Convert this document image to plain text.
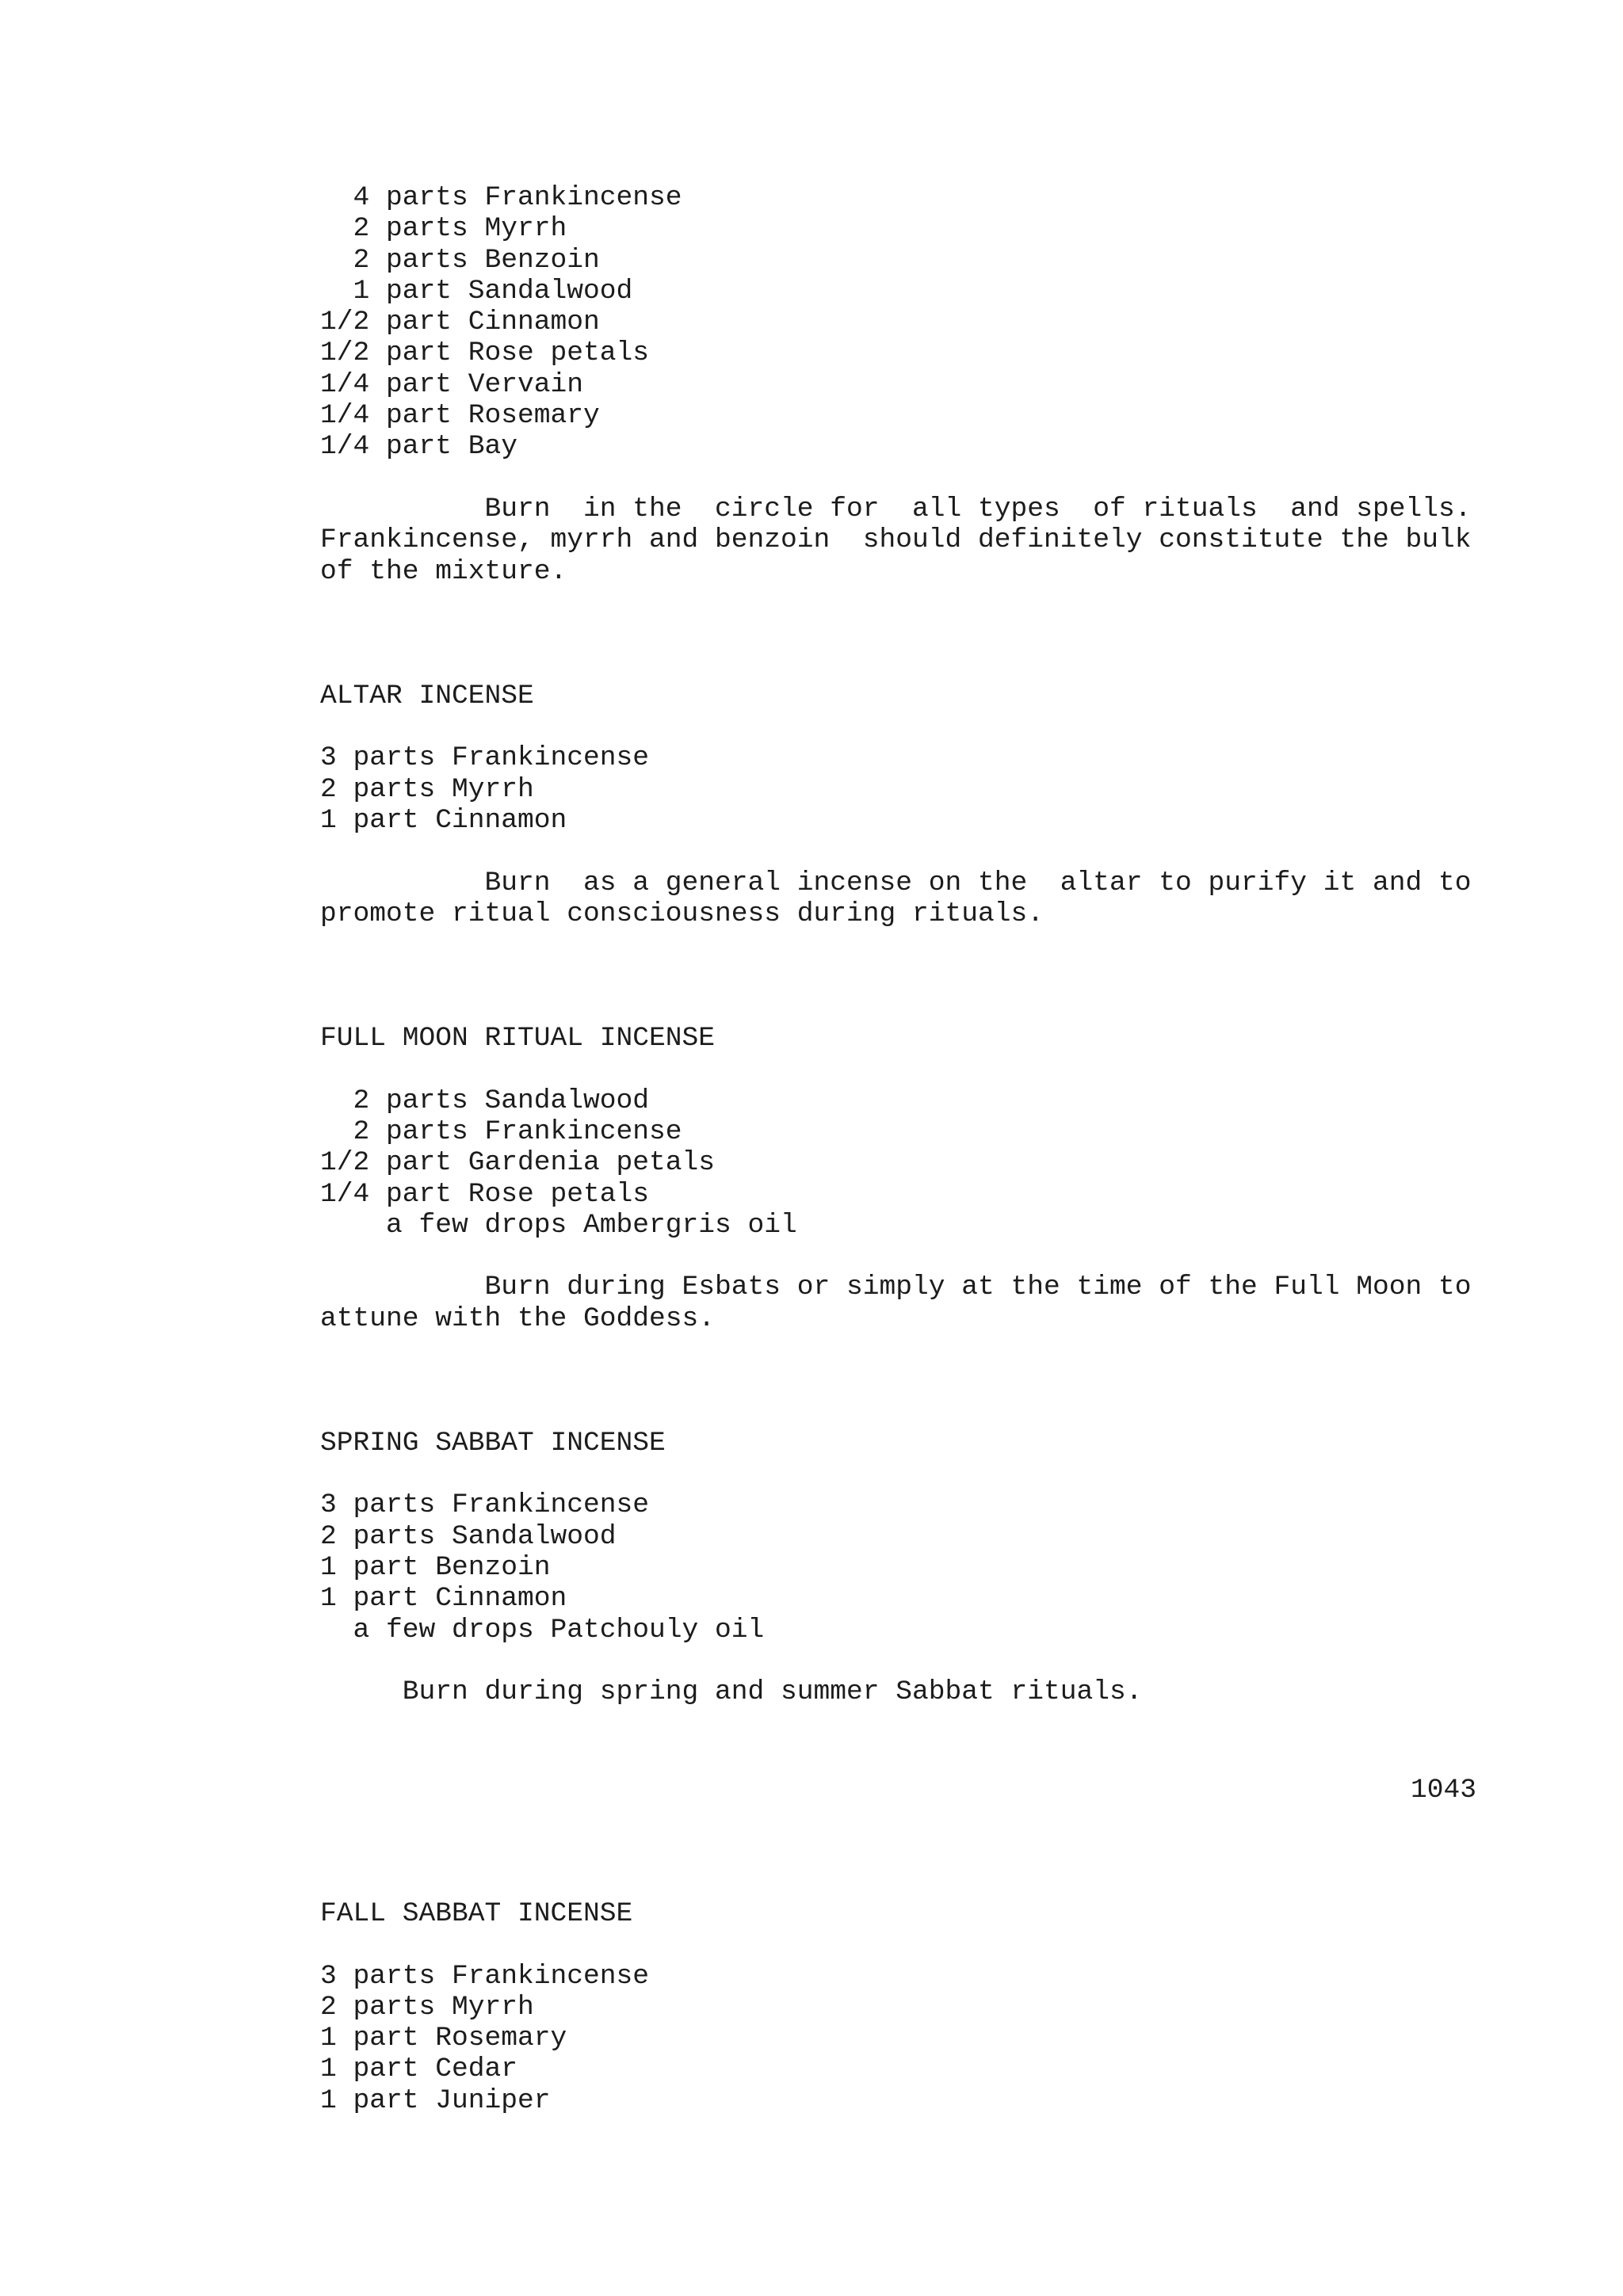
4 parts Frankincense
2 parts Myrrh
2 parts Benzoin
1 part Sandalwood
1/2 part Cinnamon
1/2 part Rose petals
1/4 part Vervain
1/4 part Rosemary
1/4 part Bay
Burn  in the  circle for  all types  of rituals  and spells.
Frankincense, myrrh and benzoin  should definitely constitute the bulk
of the mixture.
ALTAR INCENSE
3 parts Frankincense
2 parts Myrrh
1 part Cinnamon
Burn  as a general incense on the  altar to purify it and to
promote ritual consciousness during rituals.
FULL MOON RITUAL INCENSE
2 parts Sandalwood
2 parts Frankincense
1/2 part Gardenia petals
1/4 part Rose petals
a few drops Ambergris oil
Burn during Esbats or simply at the time of the Full Moon to
attune with the Goddess.
SPRING SABBAT INCENSE
3 parts Frankincense
2 parts Sandalwood
1 part Benzoin
1 part Cinnamon
a few drops Patchouly oil
Burn during spring and summer Sabbat rituals.
1043
FALL SABBAT INCENSE
3 parts Frankincense
2 parts Myrrh
1 part Rosemary
1 part Cedar
1 part Juniper
